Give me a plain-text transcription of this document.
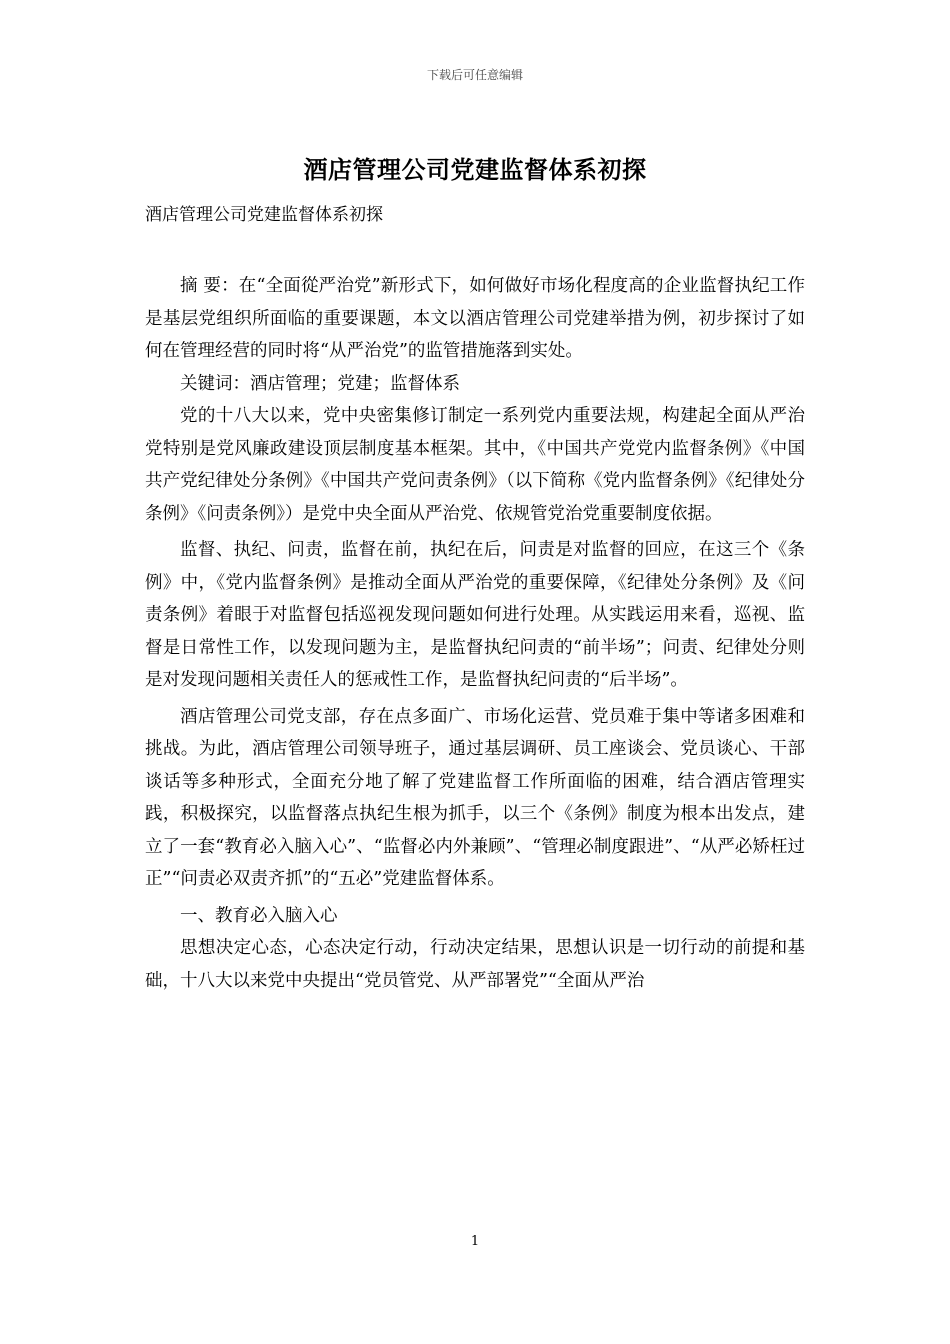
下载后可任意编辑
酒店管理公司党建监督体系初探
酒店管理公司党建监督体系初探

摘 要：在“全面從严治党”新形式下，如何做好市场化程度高的企业监督执纪工作是基层党组织所面临的重要课题，本文以酒店管理公司党建举措为例，初步探讨了如何在管理经营的同时将“从严治党”的监管措施落到实处。

关键词：酒店管理；党建；监督体系

党的十八大以来，党中央密集修订制定一系列党内重要法规，构建起全面从严治党特别是党风廉政建设顶层制度基本框架。其中，《中国共产党党内监督条例》《中国共产党纪律处分条例》《中国共产党问责条例》（以下简称《党内监督条例》《纪律处分条例》《问责条例》）是党中央全面从严治党、依规管党治党重要制度依据。

监督、执纪、问责，监督在前，执纪在后，问责是对监督的回应，在这三个《条例》中，《党内监督条例》是推动全面从严治党的重要保障，《纪律处分条例》及《问责条例》着眼于对监督包括巡视发现问题如何进行处理。从实践运用来看，巡视、监督是日常性工作，以发现问题为主，是监督执纪问责的“前半场”；问责、纪律处分则是对发现问题相关责任人的惩戒性工作，是监督执纪问责的“后半场”。

酒店管理公司党支部，存在点多面广、市场化运营、党员难于集中等诸多困难和挑战。为此，酒店管理公司领导班子，通过基层调研、员工座谈会、党员谈心、干部谈话等多种形式，全面充分地了解了党建监督工作所面临的困难，结合酒店管理实践，积极探究，以监督落点执纪生根为抓手，以三个《条例》制度为根本出发点，建立了一套“教育必入脑入心”、“监督必内外兼顾”、“管理必制度跟进”、“从严必矫枉过正”“问责必双责齐抓”的“五必”党建监督体系。

一、教育必入脑入心

思想决定心态，心态决定行动，行动决定结果，思想认识是一切行动的前提和基础，十八大以来党中央提出“党员管党、从严部署党”“全面从严治

1
